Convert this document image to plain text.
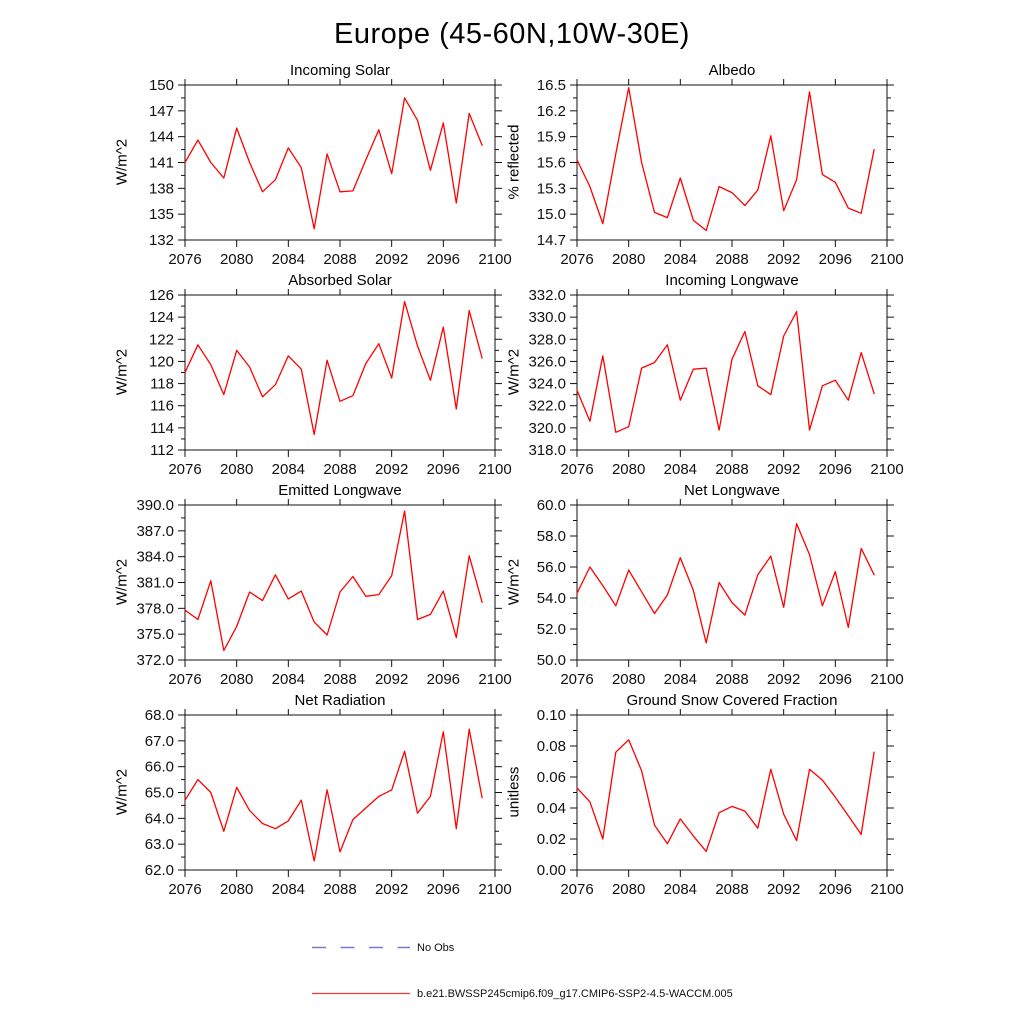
Europe (45-60N,10W-30E)
Incoming Solar
W/m^2
2076 2080 2084 2088 2092 2096 2100
132
135
138
141
144
147
150
Albedo
% reflected
2076 2080 2084 2088 2092 2096 2100
14.7
15.0
15.3
15.6
15.9
16.2
16.5
Absorbed Solar
W/m^2
2076 2080 2084 2088 2092 2096 2100
112
114
116
118
120
122
124
126
Incoming Longwave
W/m^2
2076 2080 2084 2088 2092 2096 2100
318.0
320.0
322.0
324.0
326.0
328.0
330.0
332.0
Emitted Longwave
W/m^2
2076 2080 2084 2088 2092 2096 2100
372.0
375.0
378.0
381.0
384.0
387.0
390.0
Net Longwave
W/m^2
2076 2080 2084 2088 2092 2096 2100
50.0
52.0
54.0
56.0
58.0
60.0
Net Radiation
W/m^2
2076 2080 2084 2088 2092 2096 2100
62.0
63.0
64.0
65.0
66.0
67.0
68.0
Ground Snow Covered Fraction
unitless
2076 2080 2084 2088 2092 2096 2100
0.00
0.02
0.04
0.06
0.08
0.10
No Obs
b.e21.BWSSP245cmip6.f09_g17.CMIP6-SSP2-4.5-WACCM.005
